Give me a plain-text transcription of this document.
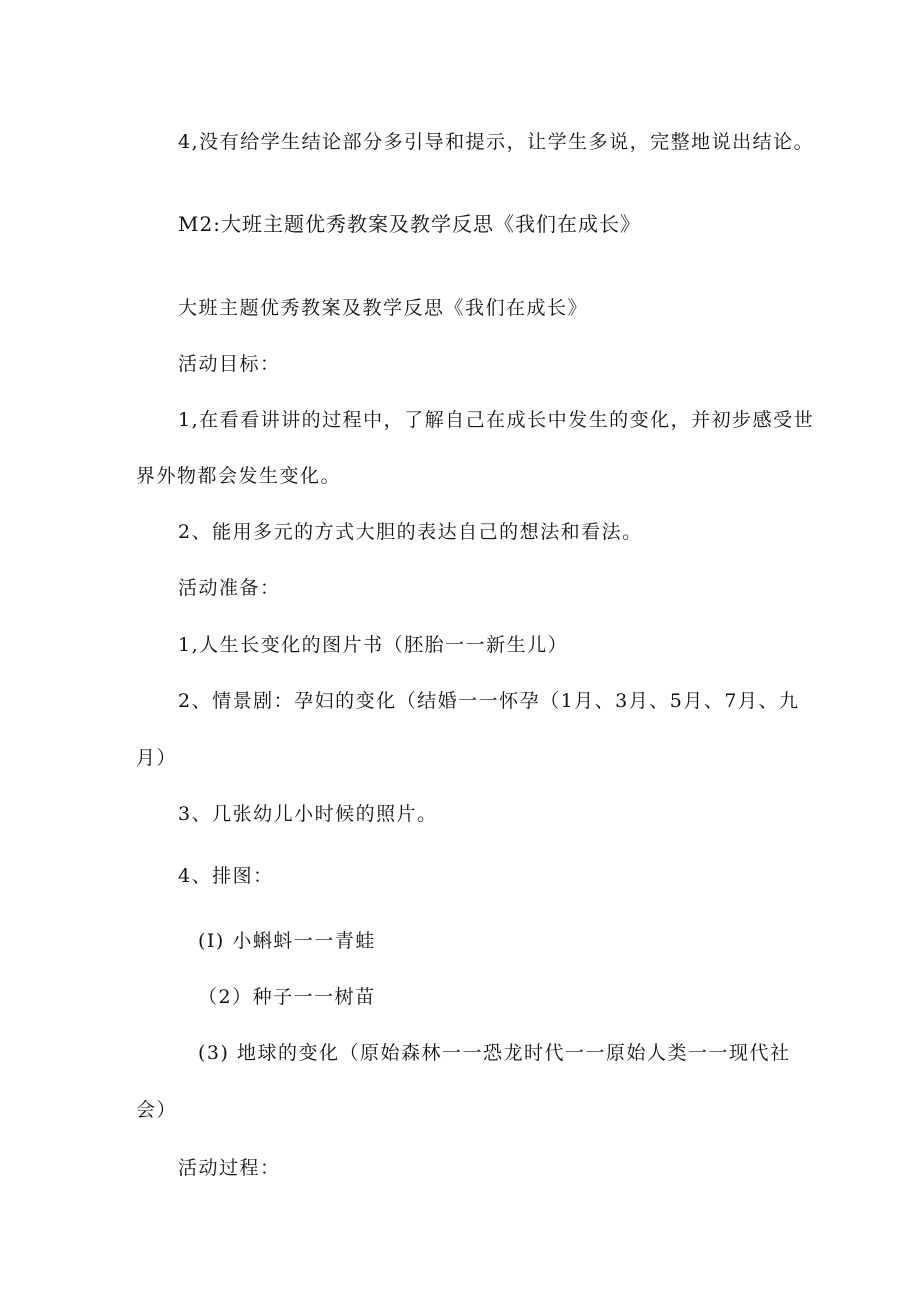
4,没有给学生结论部分多引导和提示，让学生多说，完整地说出结论。
M2:大班主题优秀教案及教学反思《我们在成长》
大班主题优秀教案及教学反思《我们在成长》
活动目标：
1,在看看讲讲的过程中，了解自己在成长中发生的变化，并初步感受世
界外物都会发生变化。
2、能用多元的方式大胆的表达自己的想法和看法。
活动准备：
1,人生长变化的图片书（胚胎一一新生儿）
2、情景剧：孕妇的变化（结婚一一怀孕（1月、3月、5月、7月、九
月）
3、几张幼儿小时候的照片。
4、排图：
(I) 小蝌蚪一一青蛙
（2）种子一一树苗
(3) 地球的变化（原始森林一一恐龙时代一一原始人类一一现代社
会）
活动过程：
